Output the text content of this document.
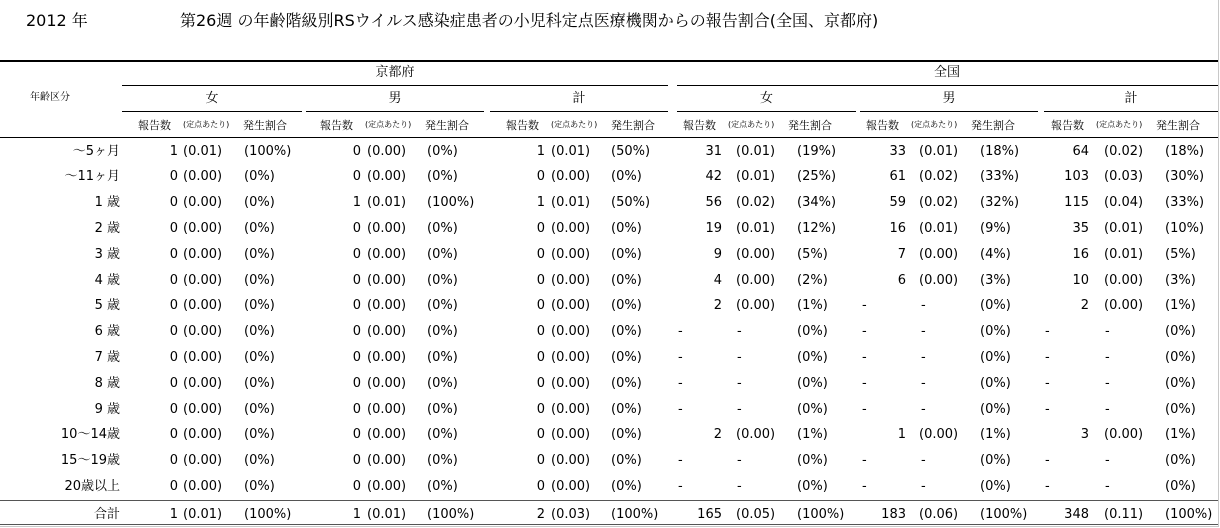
2012 年	第26週 の年齢階級別RSウイルス感染症患者の小児科定点医療機関からの報告割合(全国、京都府)
年齢区分
京都府	全国
女	男	計	女	男	計
報告数 (定点あたり) 発生割合	報告数 (定点あたり) 発生割合	報告数 (定点あたり) 発生割合	報告数 (定点あたり) 発生割合	報告数 (定点あたり) 発生割合	報告数 (定点あたり) 発生割合
～5ヶ月	1 (0.01) (100%)	0 (0.00) (0%)	1 (0.01) (50%)	31 (0.01) (19%)	33 (0.01) (18%)	64 (0.02) (18%)
～11ヶ月	0 (0.00) (0%)	0 (0.00) (0%)	0 (0.00) (0%)	42 (0.01) (25%)	61 (0.02) (33%)	103 (0.03) (30%)
1 歳	0 (0.00) (0%)	1 (0.01) (100%)	1 (0.01) (50%)	56 (0.02) (34%)	59 (0.02) (32%)	115 (0.04) (33%)
2 歳	0 (0.00) (0%)	0 (0.00) (0%)	0 (0.00) (0%)	19 (0.01) (12%)	16 (0.01) (9%)	35 (0.01) (10%)
3 歳	0 (0.00) (0%)	0 (0.00) (0%)	0 (0.00) (0%)	9 (0.00) (5%)	7 (0.00) (4%)	16 (0.01) (5%)
4 歳	0 (0.00) (0%)	0 (0.00) (0%)	0 (0.00) (0%)	4 (0.00) (2%)	6 (0.00) (3%)	10 (0.00) (3%)
5 歳	0 (0.00) (0%)	0 (0.00) (0%)	0 (0.00) (0%)	2 (0.00) (1%)	-	-	(0%)	2 (0.00) (1%)
6 歳	0 (0.00) (0%)	0 (0.00) (0%)	0 (0.00) (0%)	-	-	(0%)	-	-	(0%)	-	-	(0%)
7 歳	0 (0.00) (0%)	0 (0.00) (0%)	0 (0.00) (0%)	-	-	(0%)	-	-	(0%)	-	-	(0%)
8 歳	0 (0.00) (0%)	0 (0.00) (0%)	0 (0.00) (0%)	-	-	(0%)	-	-	(0%)	-	-	(0%)
9 歳	0 (0.00) (0%)	0 (0.00) (0%)	0 (0.00) (0%)	-	-	(0%)	-	-	(0%)	-	-	(0%)
10～14歳	0 (0.00) (0%)	0 (0.00) (0%)	0 (0.00) (0%)	2 (0.00) (1%)	1 (0.00) (1%)	3 (0.00) (1%)
15～19歳	0 (0.00) (0%)	0 (0.00) (0%)	0 (0.00) (0%)	-	-	(0%)	-	-	(0%)	-	-	(0%)
20歳以上	0 (0.00) (0%)	0 (0.00) (0%)	0 (0.00) (0%)	-	-	(0%)	-	-	(0%)	-	-	(0%)
合計	1 (0.01) (100%)	1 (0.01) (100%)	2 (0.03) (100%)	165 (0.05) (100%)	183 (0.06) (100%)	348 (0.11) (100%)
